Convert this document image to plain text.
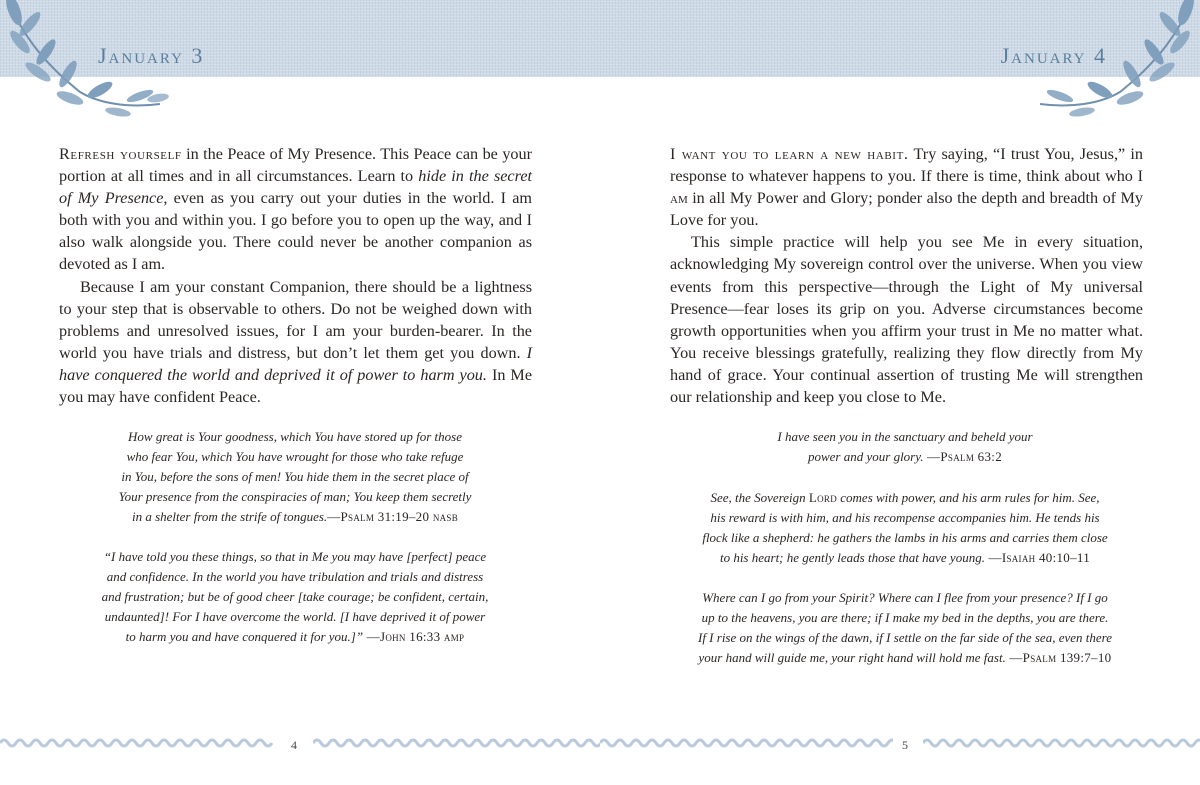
January 3

Refresh yourself in the Peace of My Presence. This Peace can be your portion at all times and in all circumstances. Learn to hide in the secret of My Presence, even as you carry out your duties in the world. I am both with you and within you. I go before you to open up the way, and I also walk alongside you. There could never be another companion as devoted as I am.

Because I am your constant Companion, there should be a lightness to your step that is observable to others. Do not be weighed down with problems and unresolved issues, for I am your burden-bearer. In the world you have trials and distress, but don’t let them get you down. I have conquered the world and deprived it of power to harm you. In Me you may have confident Peace.

How great is Your goodness, which You have stored up for those
who fear You, which You have wrought for those who take refuge
in You, before the sons of men! You hide them in the secret place of
Your presence from the conspiracies of man; You keep them secretly
in a shelter from the strife of tongues.—Psalm 31:19–20 nasb
“I have told you these things, so that in Me you may have [perfect] peace
and confidence. In the world you have tribulation and trials and distress
and frustration; but be of good cheer [take courage; be confident, certain,
undaunted]! For I have overcome the world. [I have deprived it of power
to harm you and have conquered it for you.]” —John 16:33 amp
4
January 4

I want you to learn a new habit. Try saying, “I trust You, Jesus,” in response to whatever happens to you. If there is time, think about who I am in all My Power and Glory; ponder also the depth and breadth of My Love for you.

This simple practice will help you see Me in every situation, acknowledging My sovereign control over the universe. When you view events from this perspective—through the Light of My universal Presence—fear loses its grip on you. Adverse circumstances become growth opportunities when you affirm your trust in Me no matter what. You receive blessings gratefully, realizing they flow directly from My hand of grace. Your continual assertion of trusting Me will strengthen our relationship and keep you close to Me.

I have seen you in the sanctuary and beheld your
power and your glory. —Psalm 63:2
See, the Sovereign Lord comes with power, and his arm rules for him. See,
his reward is with him, and his recompense accompanies him. He tends his
flock like a shepherd: he gathers the lambs in his arms and carries them close
to his heart; he gently leads those that have young. —Isaiah 40:10–11
Where can I go from your Spirit? Where can I flee from your presence? If I go
up to the heavens, you are there; if I make my bed in the depths, you are there.
If I rise on the wings of the dawn, if I settle on the far side of the sea, even there
your hand will guide me, your right hand will hold me fast. —Psalm 139:7–10
5
